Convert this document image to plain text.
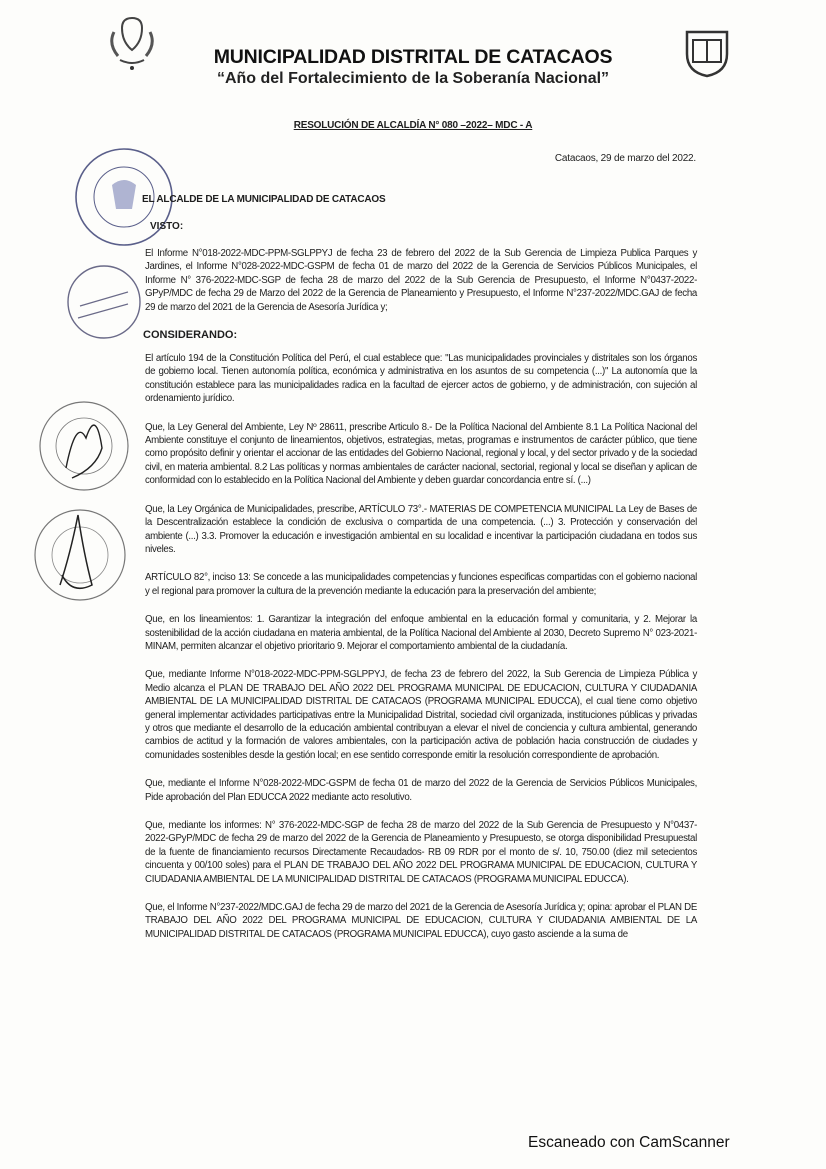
MUNICIPALIDAD DISTRITAL DE CATACAOS
“Año del Fortalecimiento de la Soberanía Nacional”
RESOLUCIÓN DE ALCALDÍA N° 080 –2022– MDC - A
Catacaos, 29 de marzo del 2022.
EL ALCALDE DE LA MUNICIPALIDAD DE CATACAOS
VISTO:
El Informe N°018-2022-MDC-PPM-SGLPPYJ de fecha 23 de febrero del 2022 de la Sub Gerencia de Limpieza Publica Parques y Jardines, el Informe N°028-2022-MDC-GSPM de fecha 01 de marzo del 2022 de la Gerencia de Servicios Públicos Municipales, el Informe N° 376-2022-MDC-SGP de fecha 28 de marzo del 2022 de la Sub Gerencia de Presupuesto, el Informe N°0437-2022-GPyP/MDC de fecha 29 de Marzo del 2022 de la Gerencia de Planeamiento y Presupuesto, el Informe N°237-2022/MDC.GAJ de fecha 29 de marzo del 2021 de la Gerencia de Asesoría Jurídica y;
CONSIDERANDO:
El artículo 194 de la Constitución Política del Perú, el cual establece que: "Las municipalidades provinciales y distritales son los órganos de gobierno local. Tienen autonomía política, económica y administrativa en los asuntos de su competencia (...)" La autonomía que la constitución establece para las municipalidades radica en la facultad de ejercer actos de gobierno, y de administración, con sujeción al ordenamiento jurídico.
Que, la Ley General del Ambiente, Ley Nº 28611, prescribe Articulo 8.- De la Política Nacional del Ambiente 8.1 La Política Nacional del Ambiente constituye el conjunto de lineamientos, objetivos, estrategias, metas, programas e instrumentos de carácter público, que tiene como propósito definir y orientar el accionar de las entidades del Gobierno Nacional, regional y local, y del sector privado y de la sociedad civil, en materia ambiental. 8.2 Las políticas y normas ambientales de carácter nacional, sectorial, regional y local se diseñan y aplican de conformidad con lo establecido en la Política Nacional del Ambiente y deben guardar concordancia entre sí. (...)
Que, la Ley Orgánica de Municipalidades, prescribe, ARTÍCULO 73°.- MATERIAS DE COMPETENCIA MUNICIPAL La Ley de Bases de la Descentralización establece la condición de exclusiva o compartida de una competencia. (...) 3. Protección y conservación del ambiente (...) 3.3. Promover la educación e investigación ambiental en su localidad e incentivar la participación ciudadana en todos sus niveles.
ARTÍCULO 82°, inciso 13: Se concede a las municipalidades competencias y funciones especificas compartidas con el gobierno nacional y el regional para promover la cultura de la prevención mediante la educación para la preservación del ambiente;
Que, en los lineamientos: 1. Garantizar la integración del enfoque ambiental en la educación formal y comunitaria, y 2. Mejorar la sostenibilidad de la acción ciudadana en materia ambiental, de la Política Nacional del Ambiente al 2030, Decreto Supremo N° 023-2021-MINAM, permiten alcanzar el objetivo prioritario 9. Mejorar el comportamiento ambiental de la ciudadanía.
Que, mediante Informe N°018-2022-MDC-PPM-SGLPPYJ, de fecha 23 de febrero del 2022, la Sub Gerencia de Limpieza Pública y Medio alcanza el PLAN DE TRABAJO DEL AÑO 2022 DEL PROGRAMA MUNICIPAL DE EDUCACION, CULTURA Y CIUDADANIA AMBIENTAL DE LA MUNICIPALIDAD DISTRITAL DE CATACAOS (PROGRAMA MUNICIPAL EDUCCA), el cual tiene como objetivo general implementar actividades participativas entre la Municipalidad Distrital, sociedad civil organizada, instituciones públicas y privadas y otros que mediante el desarrollo de la educación ambiental contribuyan a elevar el nivel de conciencia y cultura ambiental, generando cambios de actitud y la formación de valores ambientales, con la participación activa de población hacia construcción de ciudades y comunidades sostenibles desde la gestión local; en ese sentido corresponde emitir la resolución correspondiente de aprobación.
Que, mediante el Informe N°028-2022-MDC-GSPM de fecha 01 de marzo del 2022 de la Gerencia de Servicios Públicos Municipales, Pide aprobación del Plan EDUCCA 2022 mediante acto resolutivo.
Que, mediante los informes: N° 376-2022-MDC-SGP de fecha 28 de marzo del 2022 de la Sub Gerencia de Presupuesto y N°0437-2022-GPyP/MDC de fecha 29 de marzo del 2022 de la Gerencia de Planeamiento y Presupuesto, se otorga disponibilidad Presupuestal de la fuente de financiamiento recursos Directamente Recaudados- RB 09 RDR por el monto de s/. 10, 750.00 (diez mil setecientos cincuenta y 00/100 soles) para el PLAN DE TRABAJO DEL AÑO 2022 DEL PROGRAMA MUNICIPAL DE EDUCACION, CULTURA Y CIUDADANIA AMBIENTAL DE LA MUNICIPALIDAD DISTRITAL DE CATACAOS (PROGRAMA MUNICIPAL EDUCCA).
Que, el Informe N°237-2022/MDC.GAJ de fecha 29 de marzo del 2021 de la Gerencia de Asesoría Jurídica y; opina: aprobar el PLAN DE TRABAJO DEL AÑO 2022 DEL PROGRAMA MUNICIPAL DE EDUCACION, CULTURA Y CIUDADANIA AMBIENTAL DE LA MUNICIPALIDAD DISTRITAL DE CATACAOS (PROGRAMA MUNICIPAL EDUCCA), cuyo gasto asciende a la suma de
Escaneado con CamScanner
